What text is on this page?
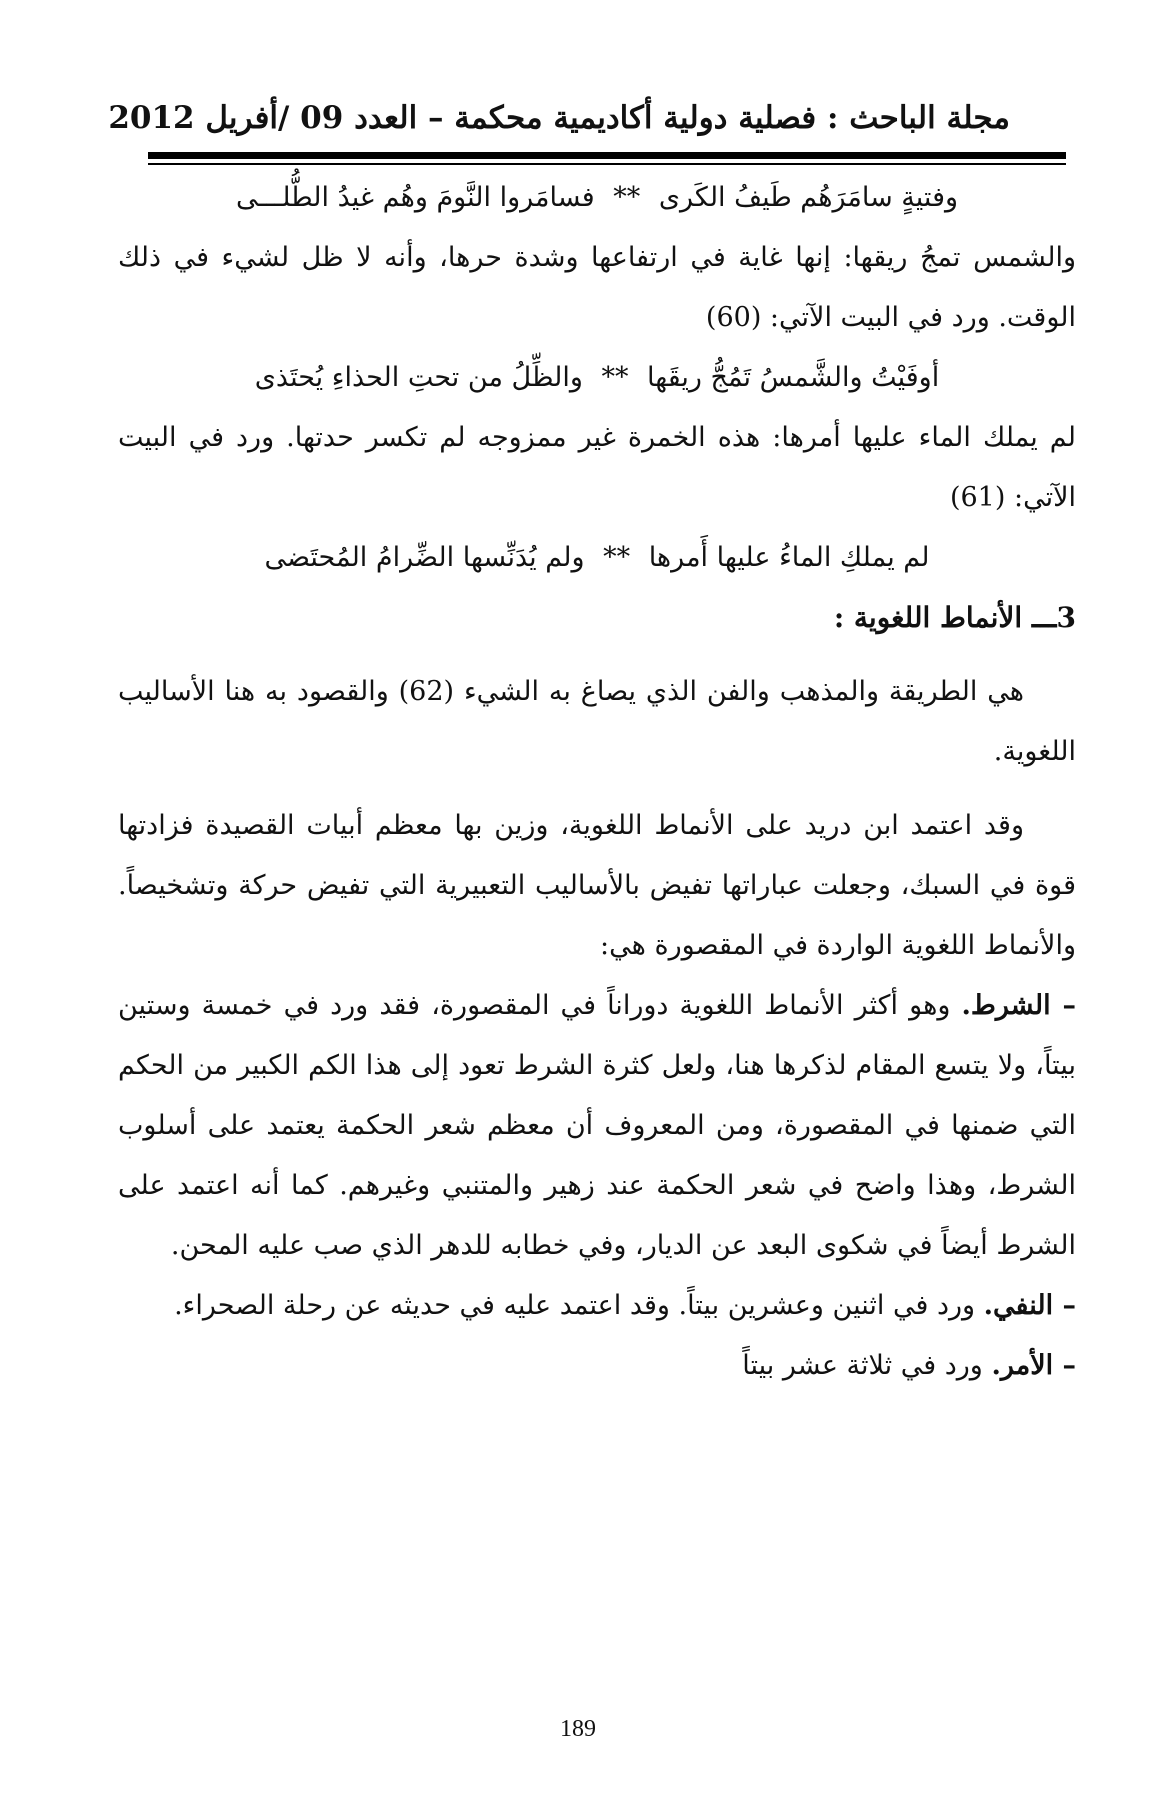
مجلة الباحث : فصلية دولية أكاديمية محكمة – العدد 09 /أفريل 2012

وفتيةٍ سامَرَهُم طَيفُ الكَرى ** فسامَروا النَّومَ وهُم غيدُ الطُّلـــى

والشمس تمجُ ريقها: إنها غاية في ارتفاعها وشدة حرها، وأنه لا ظل لشيء في ذلك الوقت. ورد في البيت الآتي: (60)

أوفَيْتُ والشَّمسُ تَمُجُّ ريقَها ** والظِّلُ من تحتِ الحذاءِ يُحتَذى

لم يملك الماء عليها أمرها: هذه الخمرة غير ممزوجه لم تكسر حدتها. ورد في البيت الآتي: (61)

لم يملكِ الماءُ عليها أَمرها ** ولم يُدَنِّسها الضِّرامُ المُحتَضى

3ـــ الأنماط اللغوية :

هي الطريقة والمذهب والفن الذي يصاغ به الشيء (62) والقصود به هنا الأساليب اللغوية.

وقد اعتمد ابن دريد على الأنماط اللغوية، وزين بها معظم أبيات القصيدة فزادتها قوة في السبك، وجعلت عباراتها تفيض بالأساليب التعبيرية التي تفيض حركة وتشخيصاً. والأنماط اللغوية الواردة في المقصورة هي:

– الشرط. وهو أكثر الأنماط اللغوية دوراناً في المقصورة، فقد ورد في خمسة وستين بيتاً، ولا يتسع المقام لذكرها هنا، ولعل كثرة الشرط تعود إلى هذا الكم الكبير من الحكم التي ضمنها في المقصورة، ومن المعروف أن معظم شعر الحكمة يعتمد على أسلوب الشرط، وهذا واضح في شعر الحكمة عند زهير والمتنبي وغيرهم. كما أنه اعتمد على الشرط أيضاً في شكوى البعد عن الديار، وفي خطابه للدهر الذي صب عليه المحن.

– النفي. ورد في اثنين وعشرين بيتاً. وقد اعتمد عليه في حديثه عن رحلة الصحراء.

– الأمر. ورد في ثلاثة عشر بيتاً

189
